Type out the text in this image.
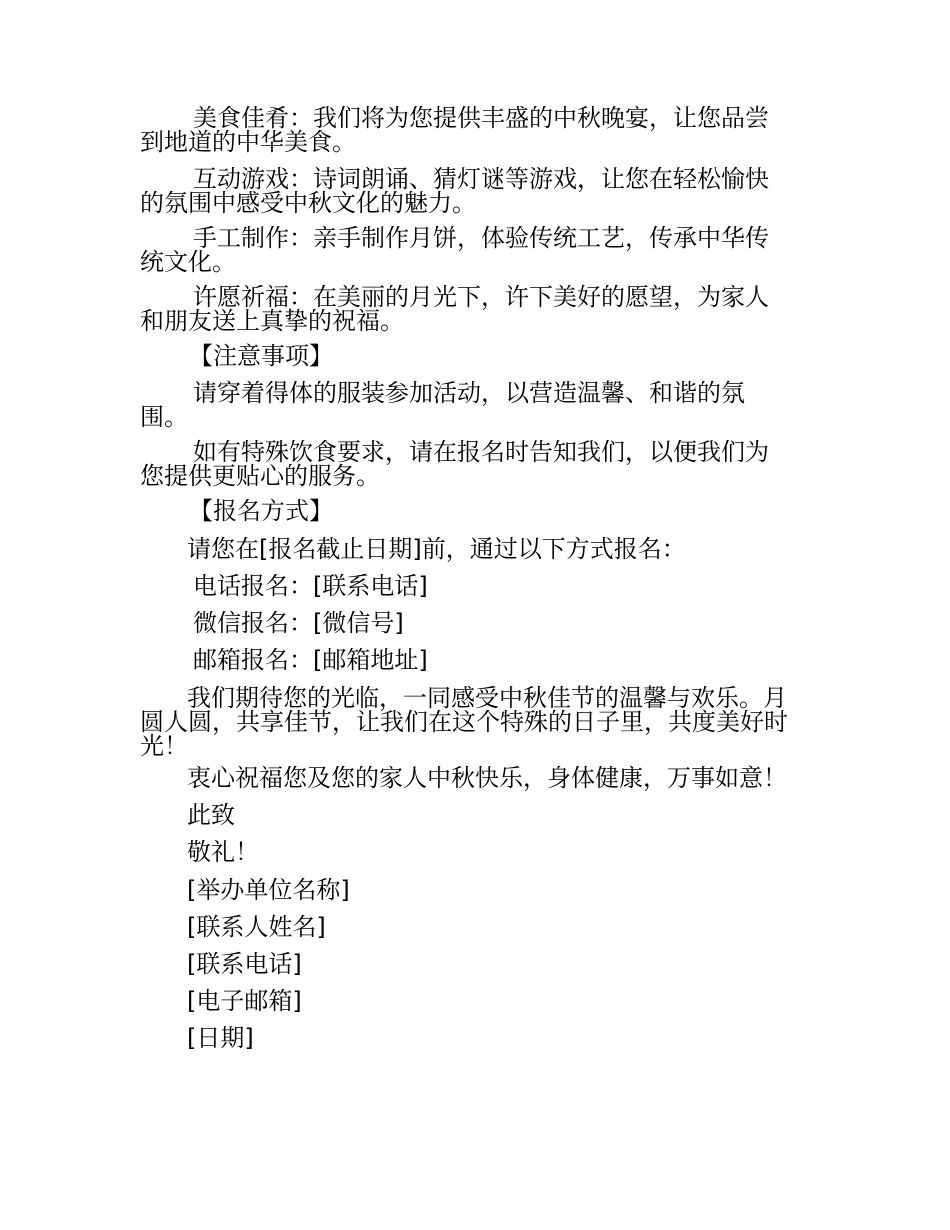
美食佳肴：我们将为您提供丰盛的中秋晚宴，让您品尝
到地道的中华美食。
互动游戏：诗词朗诵、猜灯谜等游戏，让您在轻松愉快
的氛围中感受中秋文化的魅力。
手工制作：亲手制作月饼，体验传统工艺，传承中华传
统文化。
许愿祈福：在美丽的月光下，许下美好的愿望，为家人
和朋友送上真挚的祝福。
【注意事项】
请穿着得体的服装参加活动，以营造温馨、和谐的氛
围。
如有特殊饮食要求，请在报名时告知我们，以便我们为
您提供更贴心的服务。
【报名方式】
请您在[报名截止日期]前，通过以下方式报名：
电话报名：[联系电话]
微信报名：[微信号]
邮箱报名：[邮箱地址]
我们期待您的光临，一同感受中秋佳节的温馨与欢乐。月
圆人圆，共享佳节，让我们在这个特殊的日子里，共度美好时
光！
衷心祝福您及您的家人中秋快乐，身体健康，万事如意！
此致
敬礼！
[举办单位名称]
[联系人姓名]
[联系电话]
[电子邮箱]
[日期]
